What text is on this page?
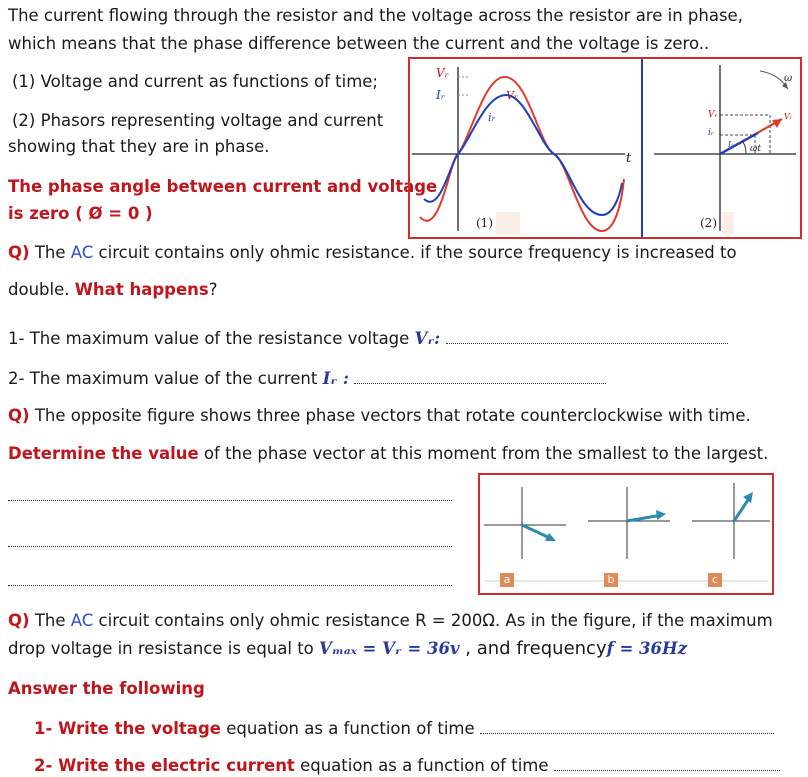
The current flowing through the resistor and the voltage across the resistor are in phase,
which means that the phase difference between the current and the voltage is zero..
(1) Voltage and current as functions of time;
(2) Phasors representing voltage and current
showing that they are in phase.
The phase angle between current and voltage
is zero ( Ø = 0 )
Vᵣ
Iᵣ	Vᵣ
iᵣ
t
(1)
ω
Vᵣ
Iᵣ
Vᵣ
iᵣ
ωt
(2)
Q) The AC circuit contains only ohmic resistance. if the source frequency is increased to
double. What happens?
1- The maximum value of the resistance voltage Vᵣ:
2- The maximum value of the current Iᵣ :
Q) The opposite figure shows three phase vectors that rotate counterclockwise with time.
Determine the value of the phase vector at this moment from the smallest to the largest.
a	b	c
Q) The AC circuit contains only ohmic resistance R = 200Ω. As in the figure, if the maximum
drop voltage in resistance is equal to Vₘₐₓ = Vᵣ = 36v , and frequencyf = 36Hz
Answer the following
1- Write the voltage equation as a function of time
2- Write the electric current equation as a function of time
